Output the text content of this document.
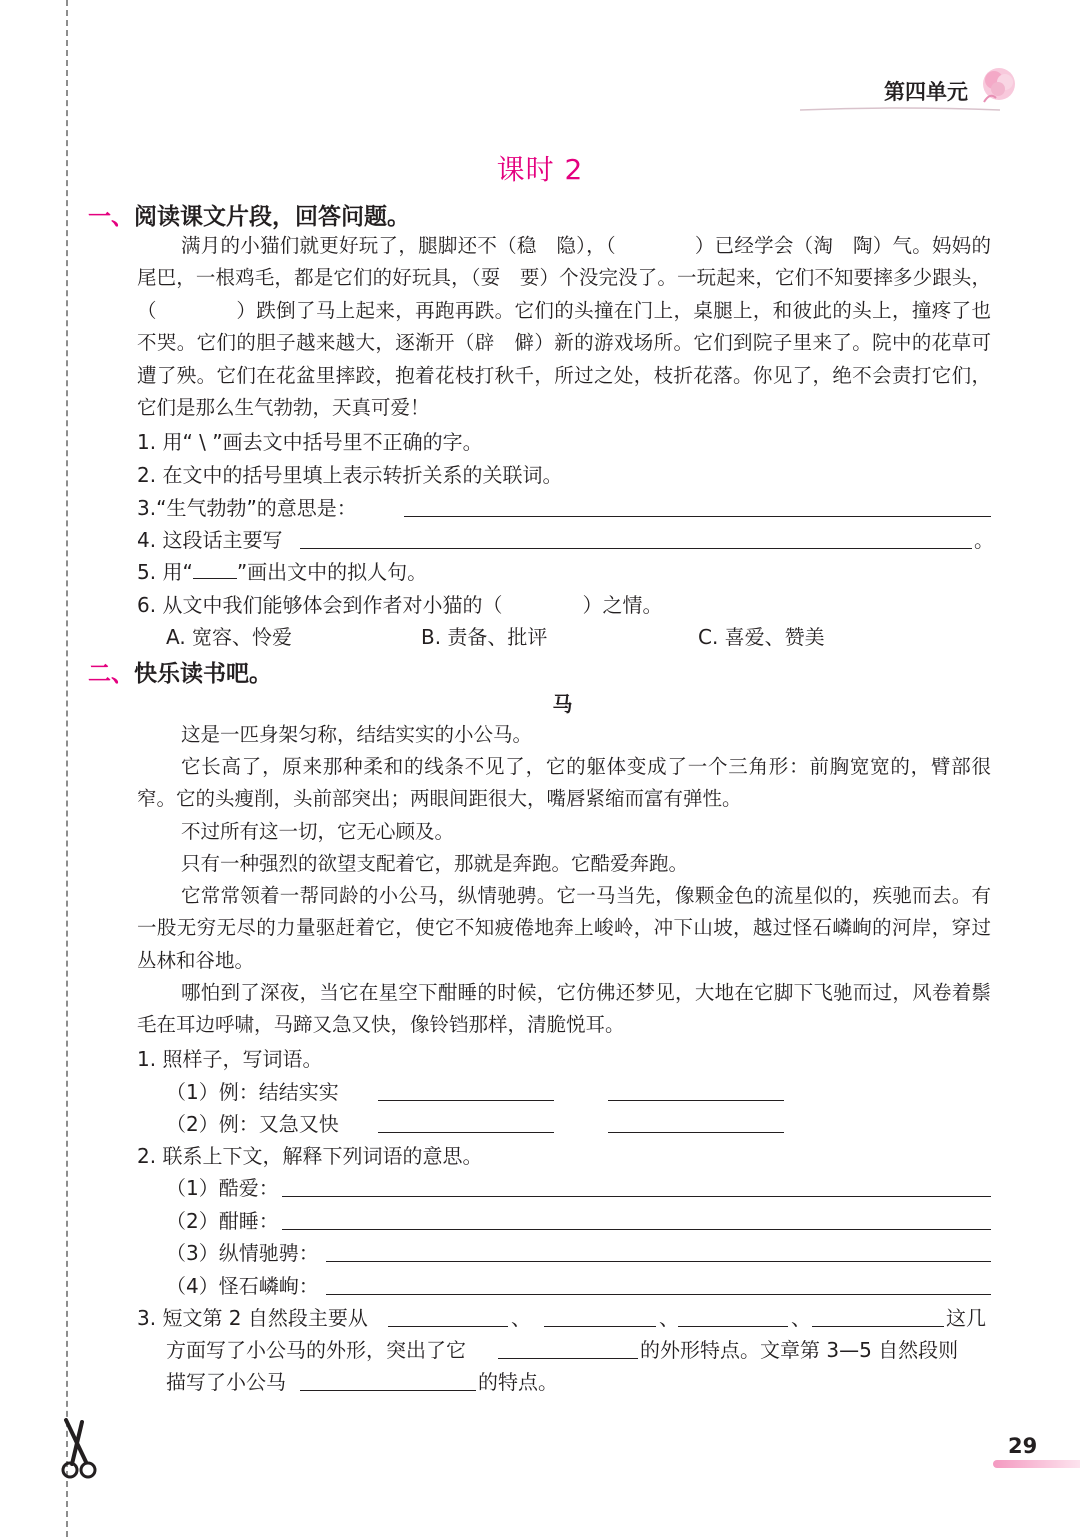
第四单元
课时 2
一、阅读课文片段，回答问题。
满月的小猫们就更好玩了，腿脚还不（稳　隐），（　　　　）已经学会（淘　陶）气。妈妈的尾巴，一根鸡毛，都是它们的好玩具，（耍　要）个没完没了。一玩起来，它们不知要摔多少跟头，（　　　　）跌倒了马上起来，再跑再跌。它们的头撞在门上，桌腿上，和彼此的头上，撞疼了也不哭。它们的胆子越来越大，逐渐开（辟　僻）新的游戏场所。它们到院子里来了。院中的花草可遭了殃。它们在花盆里摔跤，抱着花枝打秋千，所过之处，枝折花落。你见了，绝不会责打它们，它们是那么生气勃勃，天真可爱！
1. 用“ \ ”画去文中括号里不正确的字。
2. 在文中的括号里填上表示转折关系的关联词。
3.“生气勃勃”的意思是：
4. 这段话主要写	。
5. 用“ ”画出文中的拟人句。
6. 从文中我们能够体会到作者对小猫的（　　　　）之情。
A. 宽容、怜爱	B. 责备、批评	C. 喜爱、赞美
二、快乐读书吧。
马
这是一匹身架匀称，结结实实的小公马。
它长高了，原来那种柔和的线条不见了，它的躯体变成了一个三角形：前胸宽宽的，臂部很窄。它的头瘦削，头前部突出；两眼间距很大，嘴唇紧缩而富有弹性。
不过所有这一切，它无心顾及。
只有一种强烈的欲望支配着它，那就是奔跑。它酷爱奔跑。
它常常领着一帮同龄的小公马，纵情驰骋。它一马当先，像颗金色的流星似的，疾驰而去。有一股无穷无尽的力量驱赶着它，使它不知疲倦地奔上峻岭，冲下山坡，越过怪石嶙峋的河岸，穿过丛林和谷地。
哪怕到了深夜，当它在星空下酣睡的时候，它仿佛还梦见，大地在它脚下飞驰而过，风卷着鬃毛在耳边呼啸，马蹄又急又快，像铃铛那样，清脆悦耳。
1. 照样子，写词语。
（1）例：结结实实
（2）例：又急又快
2. 联系上下文，解释下列词语的意思。
（1）酷爱：
（2）酣睡：
（3）纵情驰骋：
（4）怪石嶙峋：
3. 短文第 2 自然段主要从	、	、	、	这几
方面写了小公马的外形，突出了它	的外形特点。文章第 3—5 自然段则
描写了小公马	的特点。
29
